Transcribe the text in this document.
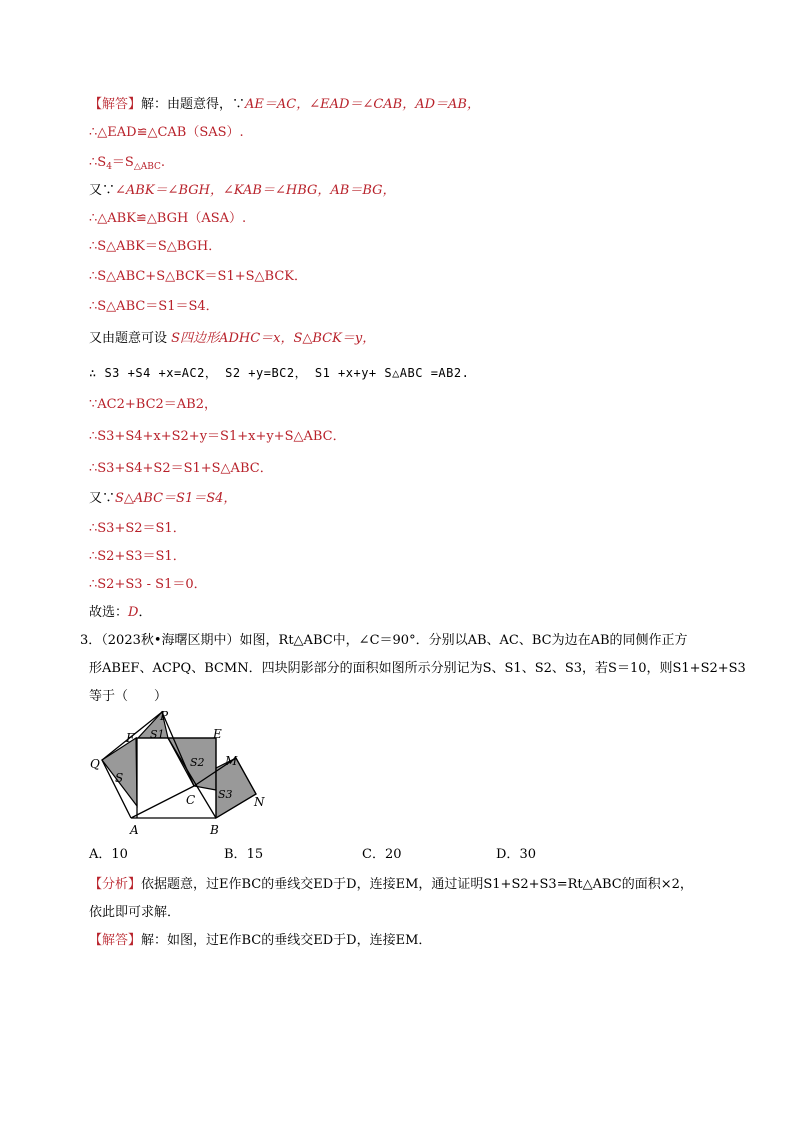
【解答】解：由题意得，∵AE＝AC，∠EAD＝∠CAB，AD＝AB，
∴△EAD≌△CAB（SAS）.
$\therefore S_4=S_{\triangle ABC}$.
又∵∠ABK＝∠BGH，∠KAB＝∠HBG，AB＝BG，
∴△ABK≌△BGH（ASA）.
∴S△ABK＝S△BGH．
∴S△ABC+S△BCK＝S1+S△BCK．
∴S△ABC＝S1＝S4．
又由题意可设 S四边形ADHC＝x，S△BCK＝y，
∴ S3 +S4 +x=AC2， S2 +y=BC2， S1 +x+y+ S△ABC =AB2.
∵AC2+BC2＝AB2，
∴S3+S4+x+S2+y＝S1+x+y+S△ABC．
∴S3+S4+S2＝S1+S△ABC．
又∵S△ABC＝S1＝S4，
∴S3+S2＝S1．
∴S2+S3＝S1．
∴S2+S3 - S1＝0．
故选：D．
3．（2023秋•海曙区期中）如图，Rt△ABC中，∠C＝90°．分别以AB、AC、BC为边在AB的同侧作正方
形ABEF、ACPQ、BCMN．四块阴影部分的面积如图所示分别记为S、S1、S2、S3，若S＝10，则S1+S2+S3
等于（　　）
P
F	E
Q	M
N
A	B
C
S
S1
S2
S3
A．10	B．15	C．20	D．30
【分析】依据题意，过E作BC的垂线交ED于D，连接EM，通过证明S1+S2+S3=Rt△ABC的面积×2，
依此即可求解．
【解答】解：如图，过E作BC的垂线交ED于D，连接EM．
